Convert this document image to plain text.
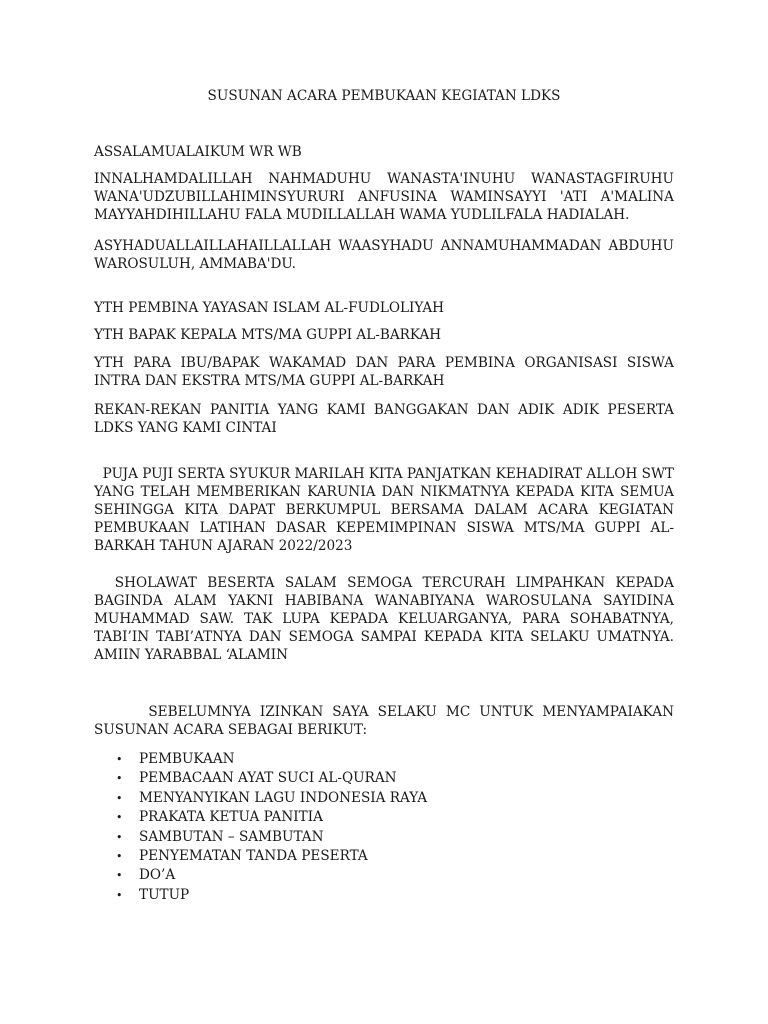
SUSUNAN ACARA PEMBUKAAN KEGIATAN LDKS

ASSALAMUALAIKUM WR WB

INNALHAMDALILLAH NAHMADUHU WANASTA'INUHU WANASTAGFIRUHU WANA'UDZUBILLAHIMINSYURURI ANFUSINA WAMINSAYYI 'ATI A'MALINA MAYYAHDIHILLAHU FALA MUDILLALLAH WAMA YUDLILFALA HADIALAH.

ASYHADUALLAILLAHAILLALLAH WAASYHADU ANNAMUHAMMADAN ABDUHU WAROSULUH, AMMABA'DU.

YTH PEMBINA YAYASAN ISLAM AL-FUDLOLIYAH

YTH BAPAK KEPALA MTS/MA GUPPI AL-BARKAH

YTH PARA IBU/BAPAK WAKAMAD DAN PARA PEMBINA ORGANISASI SISWA INTRA DAN EKSTRA MTS/MA GUPPI AL-BARKAH

REKAN-REKAN PANITIA YANG KAMI BANGGAKAN DAN ADIK ADIK PESERTA LDKS YANG KAMI CINTAI

PUJA PUJI SERTA SYUKUR MARILAH KITA PANJATKAN KEHADIRAT ALLOH SWT YANG TELAH MEMBERIKAN KARUNIA DAN NIKMATNYA KEPADA KITA SEMUA SEHINGGA KITA DAPAT BERKUMPUL BERSAMA DALAM ACARA KEGIATAN PEMBUKAAN LATIHAN DASAR KEPEMIMPINAN SISWA MTS/MA GUPPI AL-BARKAH TAHUN AJARAN 2022/2023

SHOLAWAT BESERTA SALAM SEMOGA TERCURAH LIMPAHKAN KEPADA BAGINDA ALAM YAKNI HABIBANA WANABIYANA WAROSULANA SAYIDINA MUHAMMAD SAW. TAK LUPA KEPADA KELUARGANYA, PARA SOHABATNYA, TABI’IN TABI’ATNYA DAN SEMOGA SAMPAI KEPADA KITA SELAKU UMATNYA. AMIIN YARABBAL ‘ALAMIN

SEBELUMNYA IZINKAN SAYA SELAKU MC UNTUK MENYAMPAIAKAN SUSUNAN ACARA SEBAGAI BERIKUT:

• PEMBUKAAN
• PEMBACAAN AYAT SUCI AL-QURAN
• MENYANYIKAN LAGU INDONESIA RAYA
• PRAKATA KETUA PANITIA
• SAMBUTAN – SAMBUTAN
• PENYEMATAN TANDA PESERTA
• DO’A
• TUTUP
